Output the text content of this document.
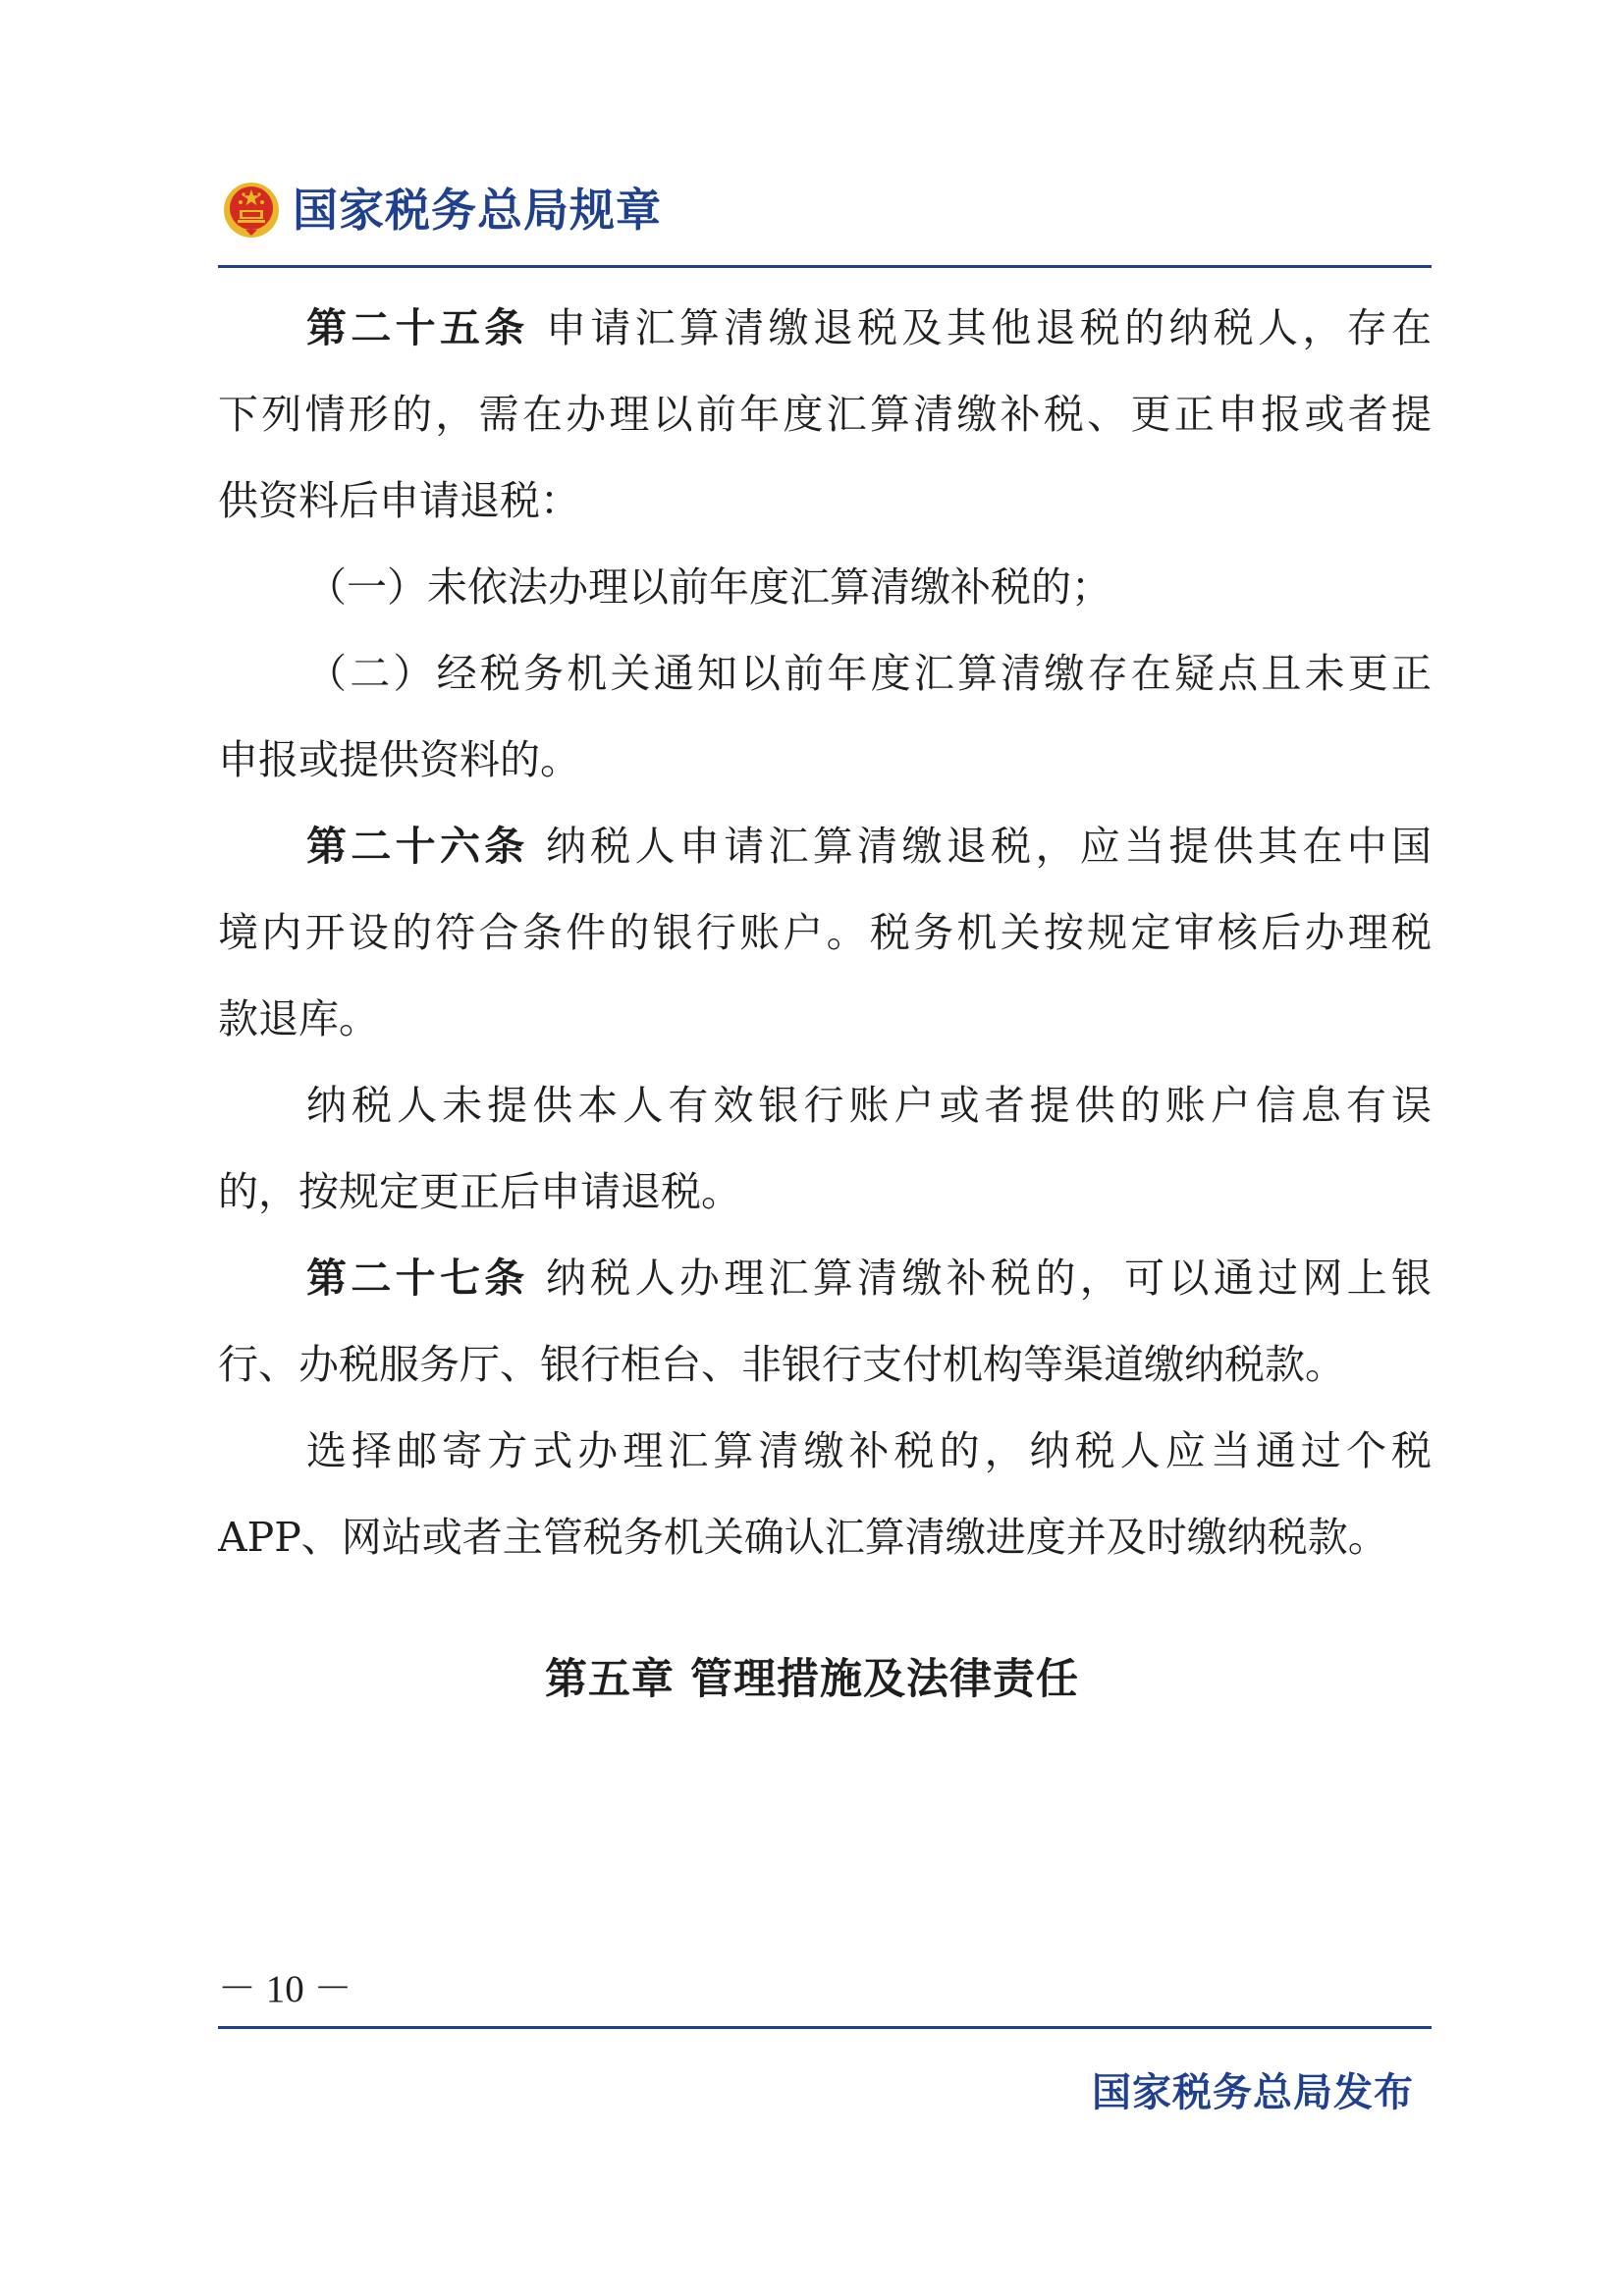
国家税务总局规章
第二十五条 申请汇算清缴退税及其他退税的纳税人，存在
下列情形的，需在办理以前年度汇算清缴补税、更正申报或者提
供资料后申请退税：
（一）未依法办理以前年度汇算清缴补税的；
（二）经税务机关通知以前年度汇算清缴存在疑点且未更正
申报或提供资料的。
第二十六条 纳税人申请汇算清缴退税，应当提供其在中国
境内开设的符合条件的银行账户。税务机关按规定审核后办理税
款退库。
纳税人未提供本人有效银行账户或者提供的账户信息有误
的，按规定更正后申请退税。
第二十七条 纳税人办理汇算清缴补税的，可以通过网上银
行、办税服务厅、银行柜台、非银行支付机构等渠道缴纳税款。
选择邮寄方式办理汇算清缴补税的，纳税人应当通过个税
APP、网站或者主管税务机关确认汇算清缴进度并及时缴纳税款。
第五章 管理措施及法律责任
－ 10 －
国家税务总局发布
